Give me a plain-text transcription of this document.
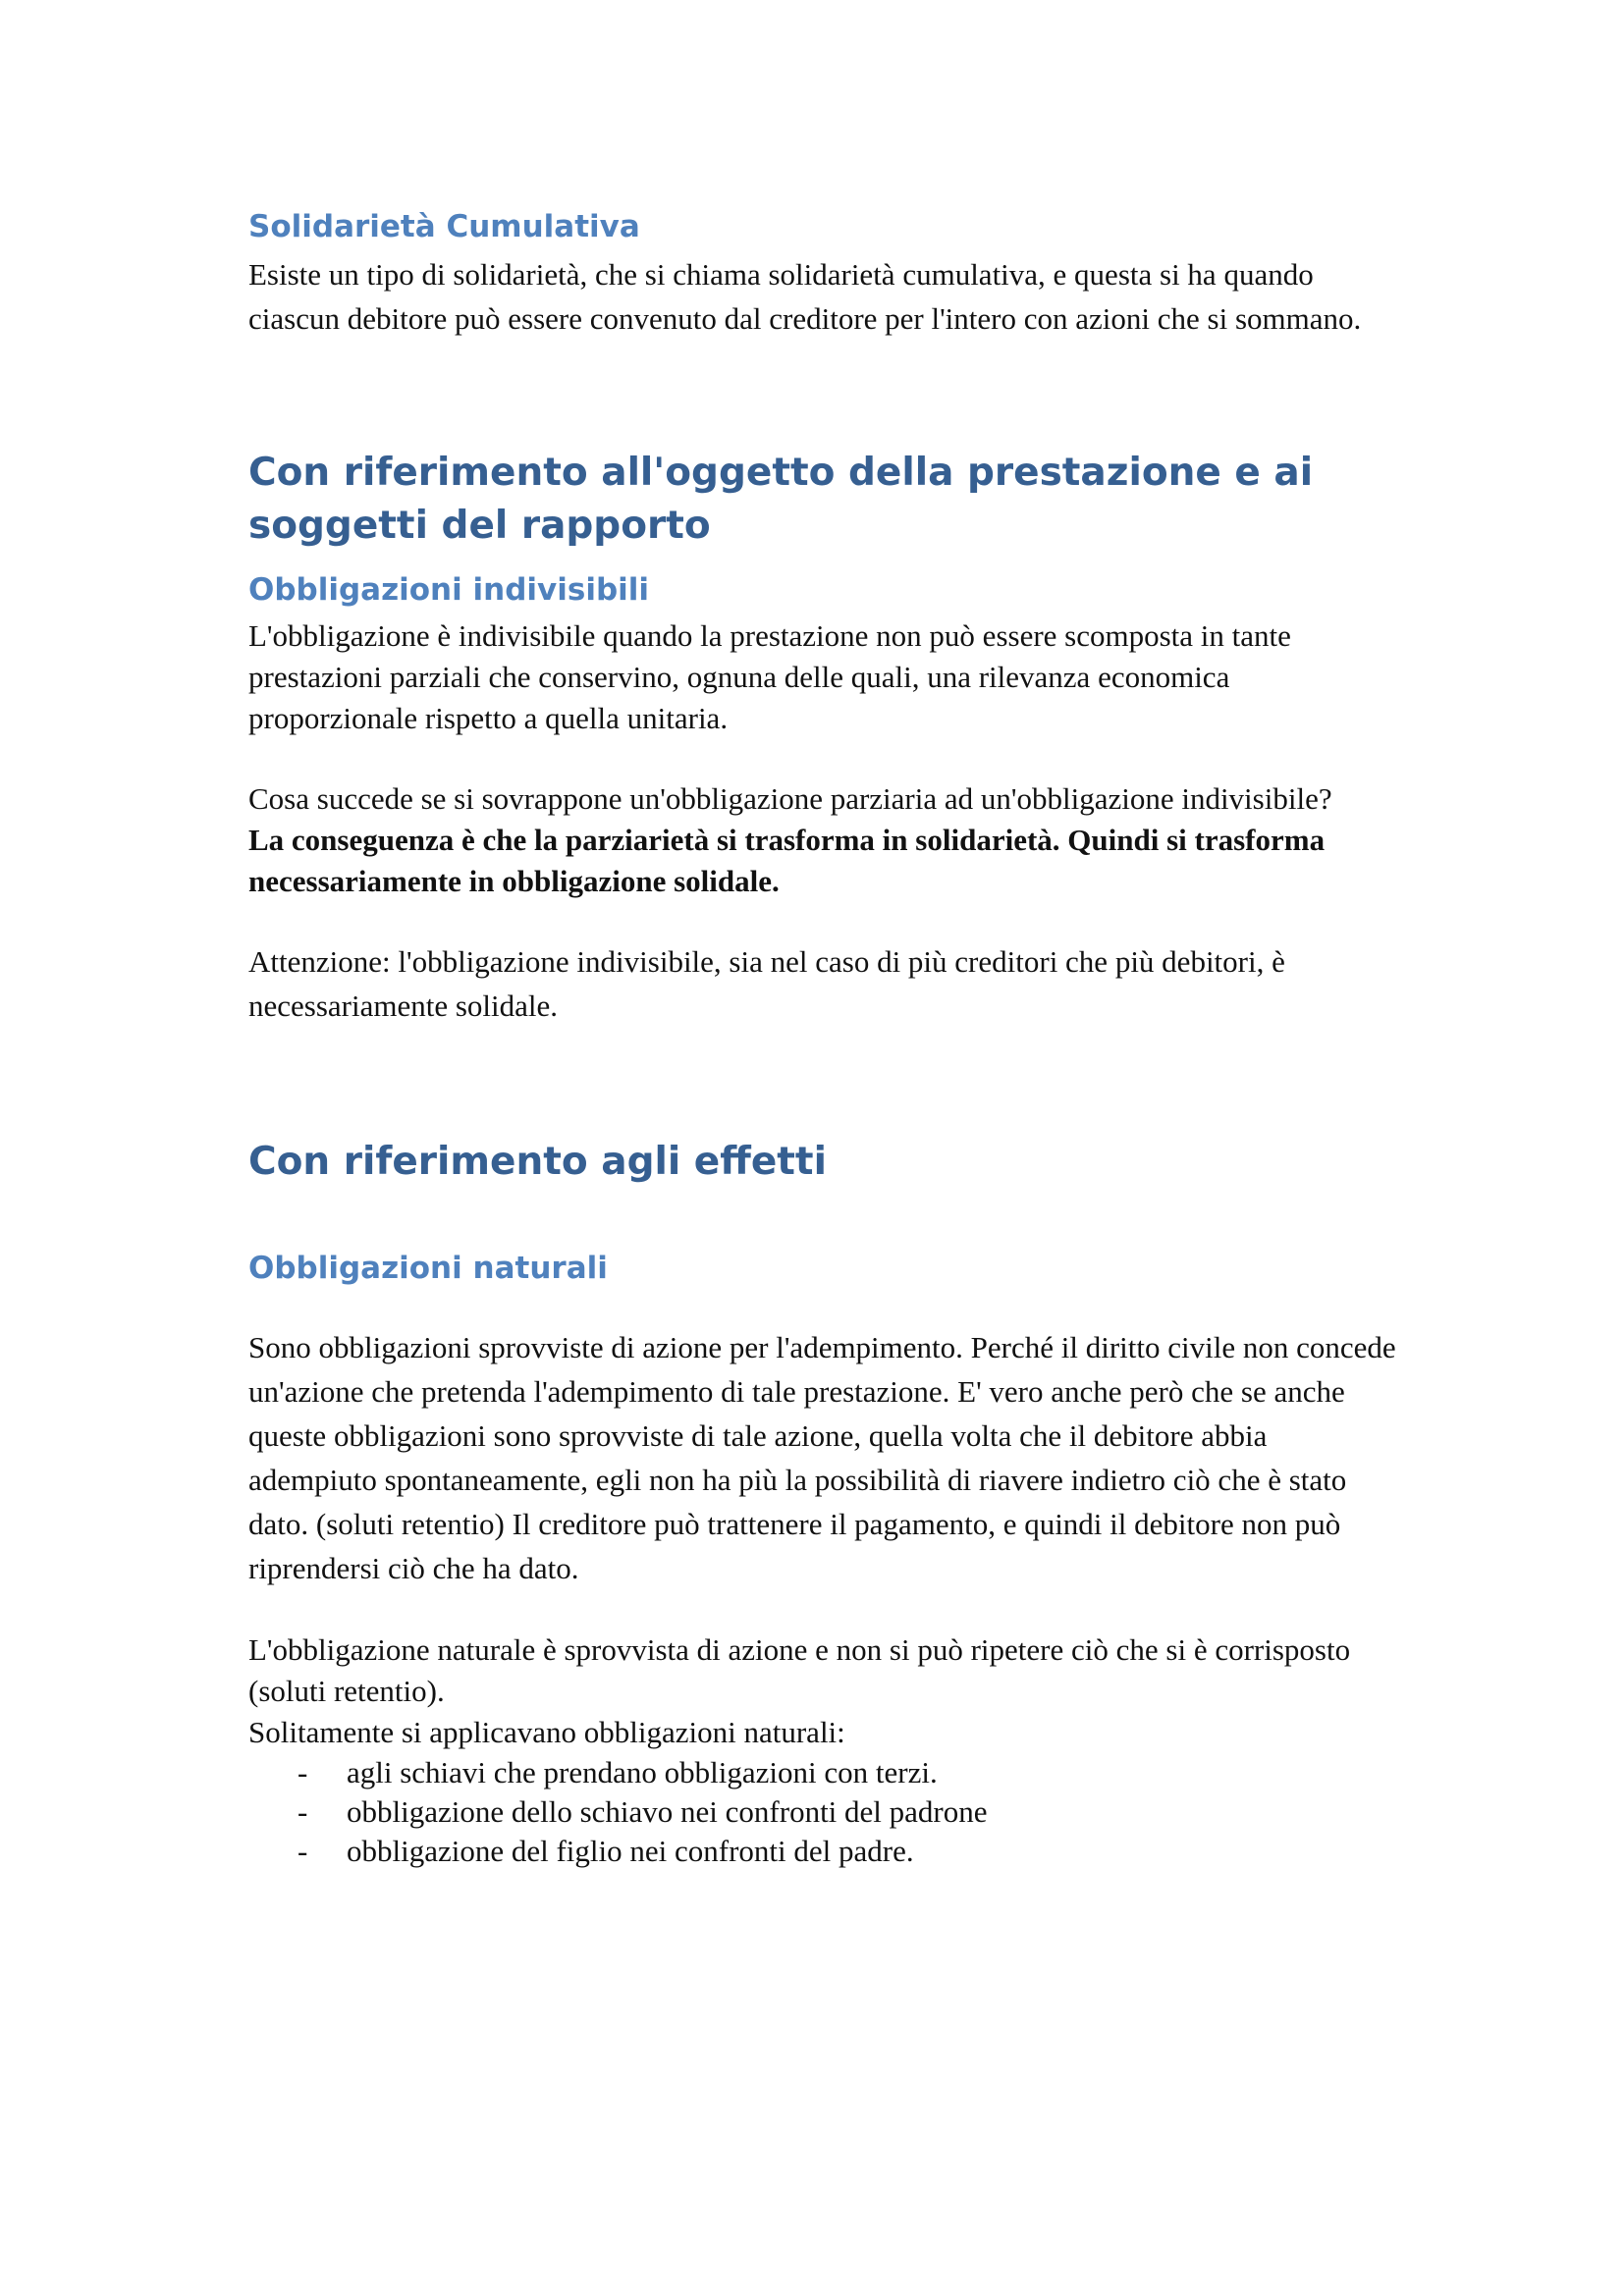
Solidarietà Cumulativa

Esiste un tipo di solidarietà, che si chiama solidarietà cumulativa, e questa si ha quando ciascun debitore può essere convenuto dal creditore per l'intero con azioni che si sommano.

Con riferimento all'oggetto della prestazione e ai soggetti del rapporto
Obbligazioni indivisibili

L'obbligazione è indivisibile quando la prestazione non può essere scomposta in tante prestazioni parziali che conservino, ognuna delle quali, una rilevanza economica proporzionale rispetto a quella unitaria.

Cosa succede se si sovrappone un'obbligazione parziaria ad un'obbligazione indivisibile?

La conseguenza è che la parziarietà si trasforma in solidarietà. Quindi si trasforma necessariamente in obbligazione solidale.

Attenzione: l'obbligazione indivisibile, sia nel caso di più creditori che più debitori, è necessariamente solidale.

Con riferimento agli effetti
Obbligazioni naturali

Sono obbligazioni sprovviste di azione per l'adempimento. Perché il diritto civile non concede un'azione che pretenda l'adempimento di tale prestazione. E' vero anche però che se anche queste obbligazioni sono sprovviste di tale azione, quella volta che il debitore abbia adempiuto spontaneamente, egli non ha più la possibilità di riavere indietro ciò che è stato dato. (soluti retentio) Il creditore può trattenere il pagamento, e quindi il debitore non può riprendersi ciò che ha dato.

L'obbligazione naturale è sprovvista di azione e non si può ripetere ciò che si è corrisposto (soluti retentio).

Solitamente si applicavano obbligazioni naturali:

- agli schiavi che prendano obbligazioni con terzi.
- obbligazione dello schiavo nei confronti del padrone
- obbligazione del figlio nei confronti del padre.
